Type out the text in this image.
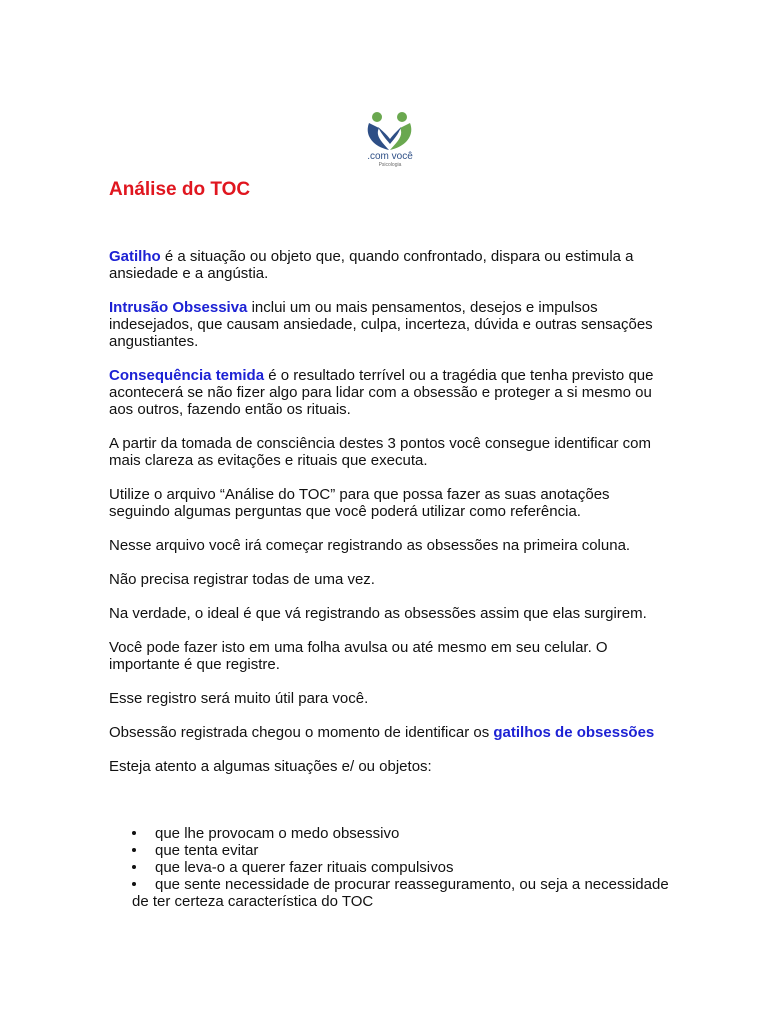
.com você
Psicologia
Análise do TOC

Gatilho é a situação ou objeto que, quando confrontado, dispara ou estimula a ansiedade e a angústia.

Intrusão Obsessiva inclui um ou mais pensamentos, desejos e impulsos indesejados, que causam ansiedade, culpa, incerteza, dúvida e outras sensações angustiantes.

Consequência temida é o resultado terrível ou a tragédia que tenha previsto que acontecerá se não fizer algo para lidar com a obsessão e proteger a si mesmo ou aos outros, fazendo então os rituais.

A partir da tomada de consciência destes 3 pontos você consegue identificar com mais clareza as evitações e rituais que executa.

Utilize o arquivo “Análise do TOC” para que possa fazer as suas anotações seguindo algumas perguntas que você poderá utilizar como referência.

Nesse arquivo você irá começar registrando as obsessões na primeira coluna.

Não precisa registrar todas de uma vez.

Na verdade, o ideal é que vá registrando as obsessões assim que elas surgirem.

Você pode fazer isto em uma folha avulsa ou até mesmo em seu celular. O importante é que registre.

Esse registro será muito útil para você.

Obsessão registrada chegou o momento de identificar os gatilhos de obsessões

Esteja atento a algumas situações e/ ou objetos:

que lhe provocam o medo obsessivo
que tenta evitar
que leva-o a querer fazer rituais compulsivos
que sente necessidade de procurar reasseguramento, ou seja a necessidade de ter certeza característica do TOC
